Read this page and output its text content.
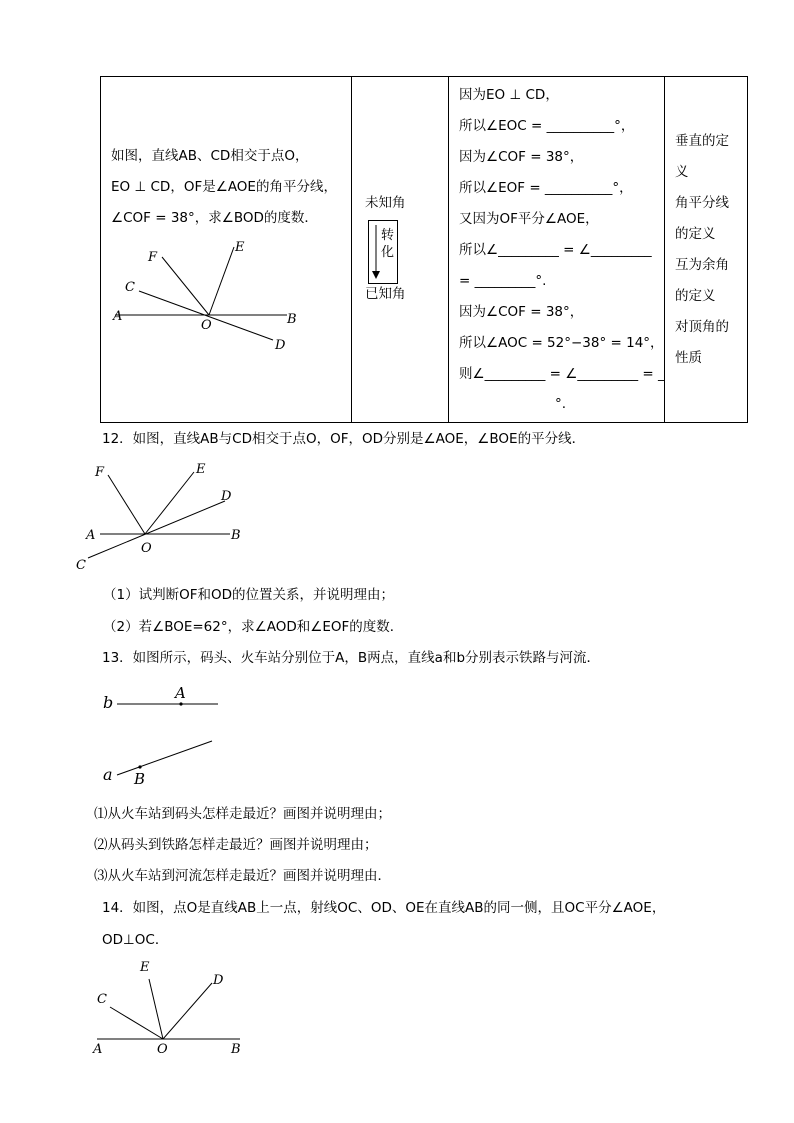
如图，直线AB、CD相交于点O，
EO ⊥ CD，OF是∠AOE的角平分线，
∠COF = 38°，求∠BOD的度数．
F
E
C
A
O	B
D

未知角
转化
已知角

因为EO ⊥ CD，
所以∠EOC = __________°，
因为∠COF = 38°，
所以∠EOF = __________°，
又因为OF平分∠AOE，
所以∠_________ = ∠_________
= _________°.
因为∠COF = 38°，
所以∠AOC = 52°−38° = 14°，
则∠_________ = ∠_________ = _
°.

垂直的定
义
角平分线
的定义
互为余角
的定义
对顶角的
性质
12．如图，直线AB与CD相交于点O，OF，OD分别是∠AOE，∠BOE的平分线．
F	E
D
A
O
B
C
（1）试判断OF和OD的位置关系，并说明理由；
（2）若∠BOE=62°，求∠AOD和∠EOF的度数．
13．如图所示，码头、火车站分别位于A，B两点，直线a和b分别表示铁路与河流．
b	A
a B
⑴从火车站到码头怎样走最近？画图并说明理由；
⑵从码头到铁路怎样走最近？画图并说明理由；
⑶从火车站到河流怎样走最近？画图并说明理由．
14．如图，点O是直线AB上一点，射线OC、OD、OE在直线AB的同一侧，且OC平分∠AOE，
OD⊥OC．
E
D
C
A	O	B
